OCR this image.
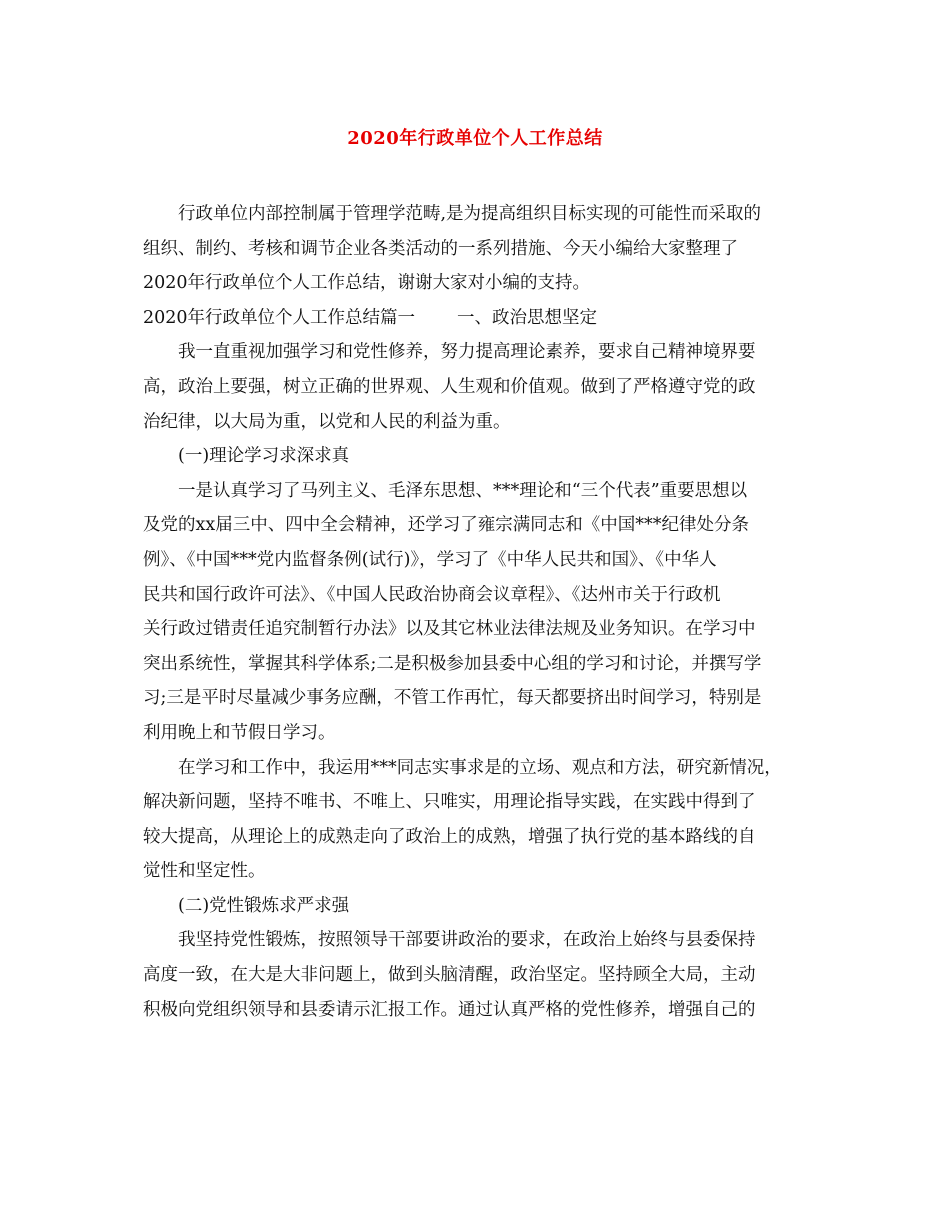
2020年行政单位个人工作总结
行政单位内部控制属于管理学范畴,是为提高组织目标实现的可能性而采取的
组织、制约、考核和调节企业各类活动的一系列措施、今天小编给大家整理了
2020年行政单位个人工作总结，谢谢大家对小编的支持。
2020年行政单位个人工作总结篇一 一、政治思想坚定
我一直重视加强学习和党性修养，努力提高理论素养，要求自己精神境界要
高，政治上要强，树立正确的世界观、人生观和价值观。做到了严格遵守党的政
治纪律，以大局为重，以党和人民的利益为重。
(一)理论学习求深求真
一是认真学习了马列主义、毛泽东思想、***理论和“三个代表”重要思想以
及党的xx届三中、四中全会精神，还学习了雍宗满同志和《中国***纪律处分条
例》、《中国***党内监督条例(试行)》，学习了《中华人民共和国》、《中华人
民共和国行政许可法》、《中国人民政治协商会议章程》、《达州市关于行政机
关行政过错责任追究制暂行办法》以及其它林业法律法规及业务知识。在学习中
突出系统性，掌握其科学体系;二是积极参加县委中心组的学习和讨论，并撰写学
习;三是平时尽量减少事务应酬，不管工作再忙，每天都要挤出时间学习，特别是
利用晚上和节假日学习。
在学习和工作中，我运用***同志实事求是的立场、观点和方法，研究新情况，
解决新问题，坚持不唯书、不唯上、只唯实，用理论指导实践，在实践中得到了
较大提高，从理论上的成熟走向了政治上的成熟，增强了执行党的基本路线的自
觉性和坚定性。
(二)党性锻炼求严求强
我坚持党性锻炼，按照领导干部要讲政治的要求，在政治上始终与县委保持
高度一致，在大是大非问题上，做到头脑清醒，政治坚定。坚持顾全大局，主动
积极向党组织领导和县委请示汇报工作。通过认真严格的党性修养，增强自己的
